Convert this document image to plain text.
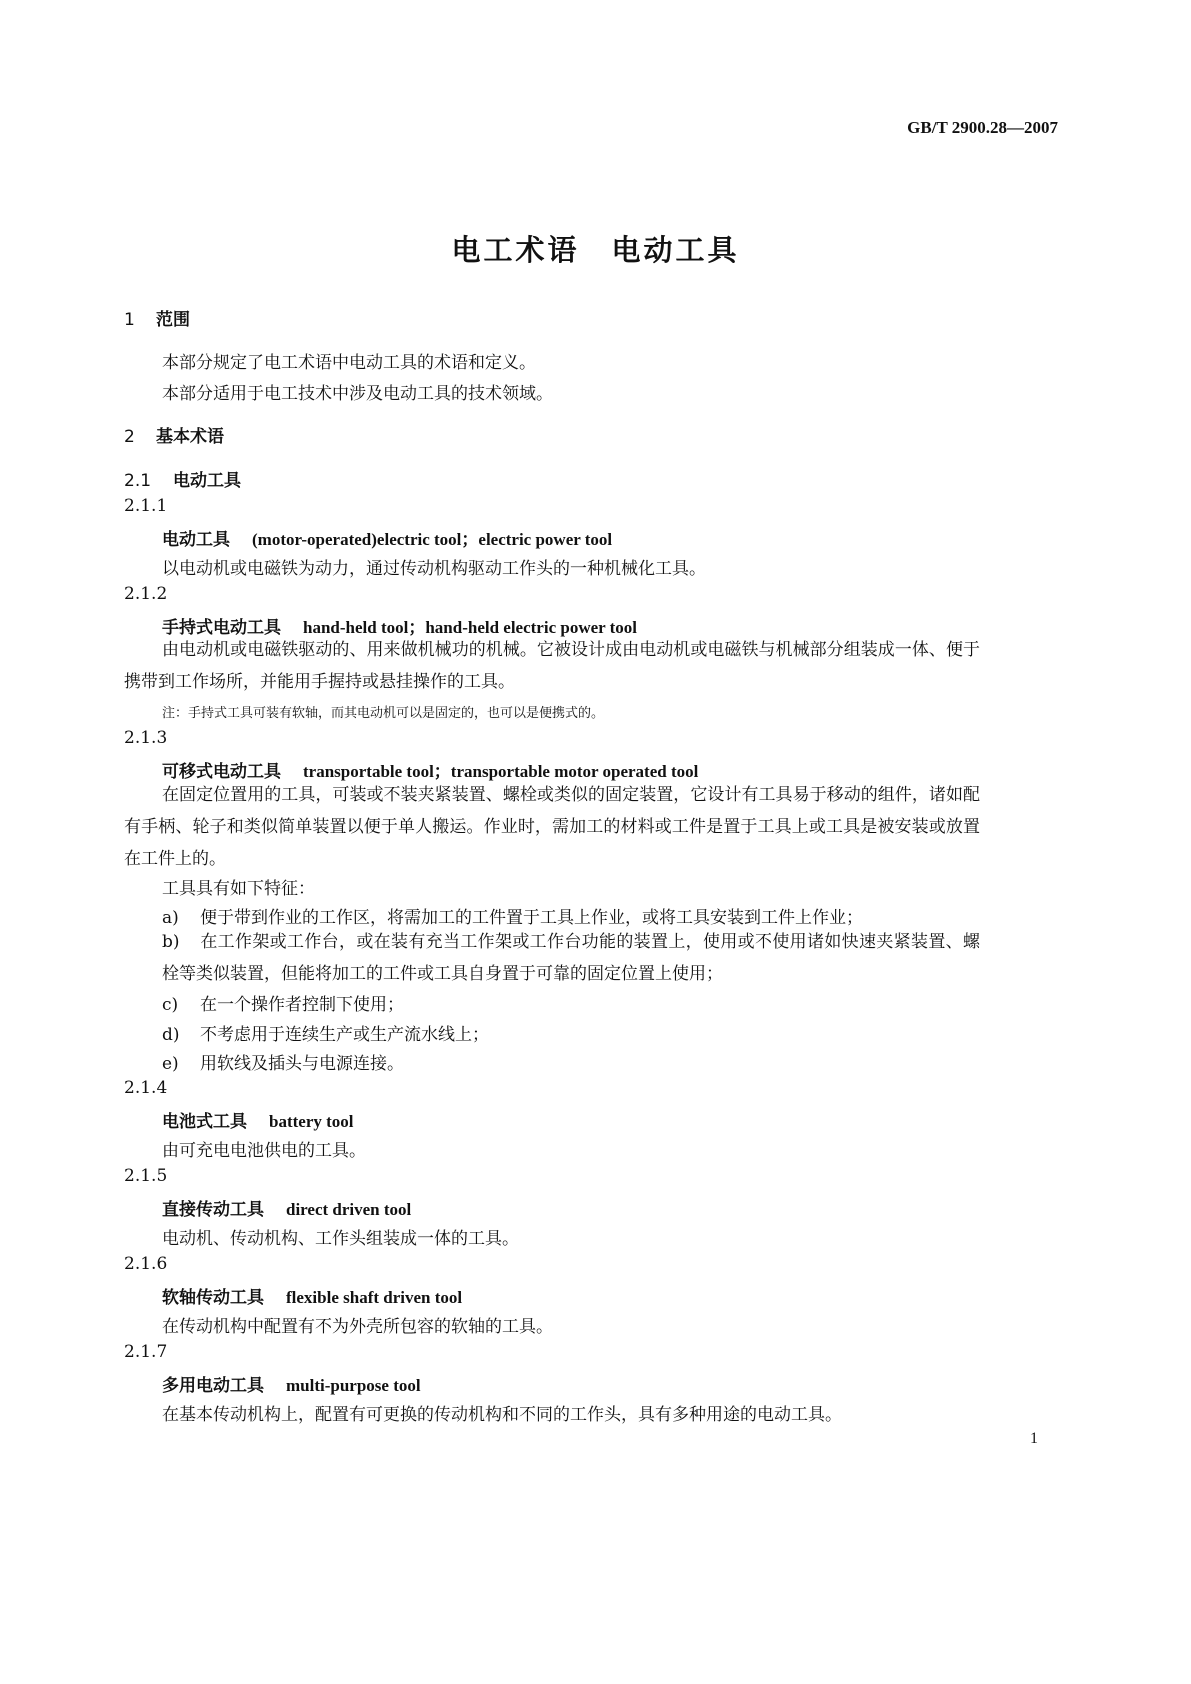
GB/T 2900.28—2007
电工术语　电动工具
1 范围
本部分规定了电工术语中电动工具的术语和定义。
本部分适用于电工技术中涉及电动工具的技术领域。
2 基本术语
2.1 电动工具
2.1.1
电动工具 (motor-operated)electric tool；electric power tool
以电动机或电磁铁为动力，通过传动机构驱动工作头的一种机械化工具。
2.1.2
手持式电动工具 hand-held tool；hand-held electric power tool
由电动机或电磁铁驱动的、用来做机械功的机械。它被设计成由电动机或电磁铁与机械部分组装成一体、便于携带到工作场所，并能用手握持或悬挂操作的工具。
注：手持式工具可装有软轴，而其电动机可以是固定的，也可以是便携式的。
2.1.3
可移式电动工具 transportable tool；transportable motor operated tool
在固定位置用的工具，可装或不装夹紧装置、螺栓或类似的固定装置，它设计有工具易于移动的组件，诸如配有手柄、轮子和类似简单装置以便于单人搬运。作业时，需加工的材料或工件是置于工具上或工具是被安装或放置在工件上的。
工具具有如下特征：
a) 便于带到作业的工作区，将需加工的工件置于工具上作业，或将工具安装到工件上作业；
b) 在工作架或工作台，或在装有充当工作架或工作台功能的装置上，使用或不使用诸如快速夹紧装置、螺栓等类似装置，但能将加工的工件或工具自身置于可靠的固定位置上使用；
c) 在一个操作者控制下使用；
d) 不考虑用于连续生产或生产流水线上；
e) 用软线及插头与电源连接。
2.1.4
电池式工具 battery tool
由可充电电池供电的工具。
2.1.5
直接传动工具 direct driven tool
电动机、传动机构、工作头组装成一体的工具。
2.1.6
软轴传动工具 flexible shaft driven tool
在传动机构中配置有不为外壳所包容的软轴的工具。
2.1.7
多用电动工具 multi-purpose tool
在基本传动机构上，配置有可更换的传动机构和不同的工作头，具有多种用途的电动工具。
1
